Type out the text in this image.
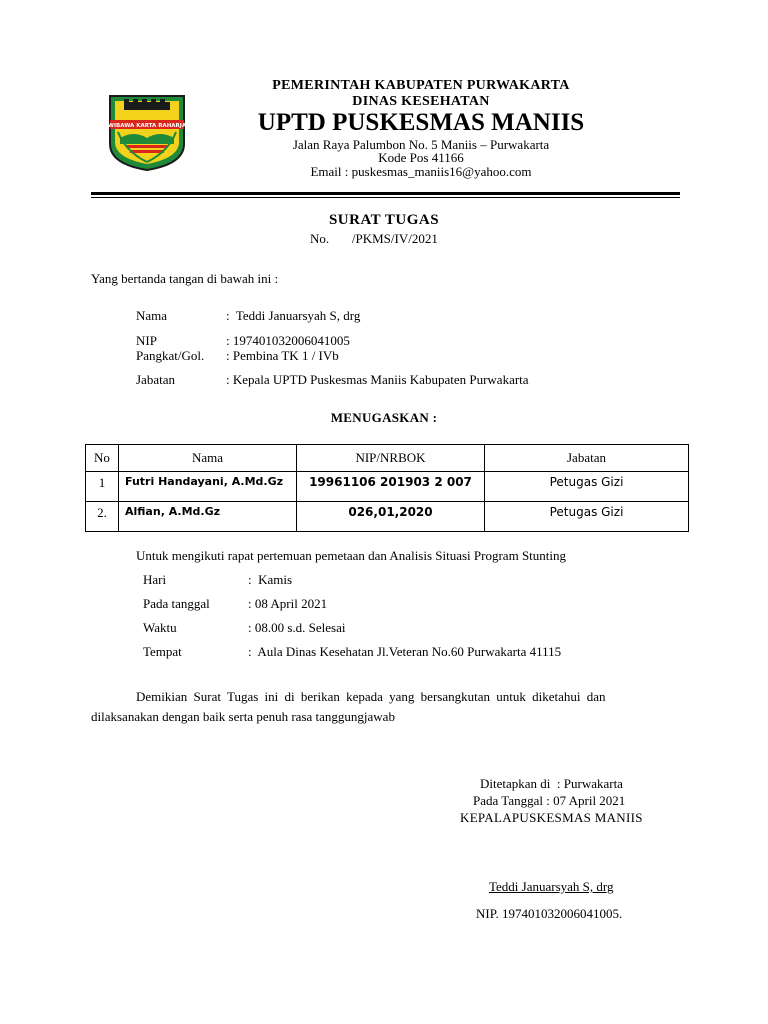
WIBAWA KARTA RAHARJA
PEMERINTAH KABUPATEN PURWAKARTA
DINAS KESEHATAN
UPTD PUSKESMAS MANIIS
Jalan Raya Palumbon No. 5 Maniis – Purwakarta
Kode Pos 41166
Email : puskesmas_maniis16@yahoo.com
SURAT TUGAS
No.       /PKMS/IV/2021
Yang bertanda tangan di bawah ini :
Nama	:  Teddi Januarsyah S, drg
NIP	: 197401032006041005
Pangkat/Gol. : Pembina TK 1 / IVb
Jabatan	: Kepala UPTD Puskesmas Maniis Kabupaten Purwakarta
MENUGASKAN :
No	Nama	NIP/NRBOK	Jabatan
1	Futri Handayani, A.Md.Gz	19961106 201903 2 007	Petugas Gizi
2.	Alfian, A.Md.Gz	026,01,2020	Petugas Gizi
Untuk mengikuti rapat pertemuan pemetaan dan Analisis Situasi Program Stunting
Hari	:  Kamis
Pada tanggal	: 08 April 2021
Waktu	: 08.00 s.d. Selesai
Tempat	:  Aula Dinas Kesehatan Jl.Veteran No.60 Purwakarta 41115
Demikian Surat Tugas ini di berikan kepada yang bersangkutan untuk diketahui dan
dilaksanakan dengan baik serta penuh rasa tanggungjawab
Ditetapkan di  : Purwakarta
Pada Tanggal : 07 April 2021
KEPALAPUSKESMAS MANIIS
Teddi Januarsyah S, drg
NIP. 197401032006041005.
